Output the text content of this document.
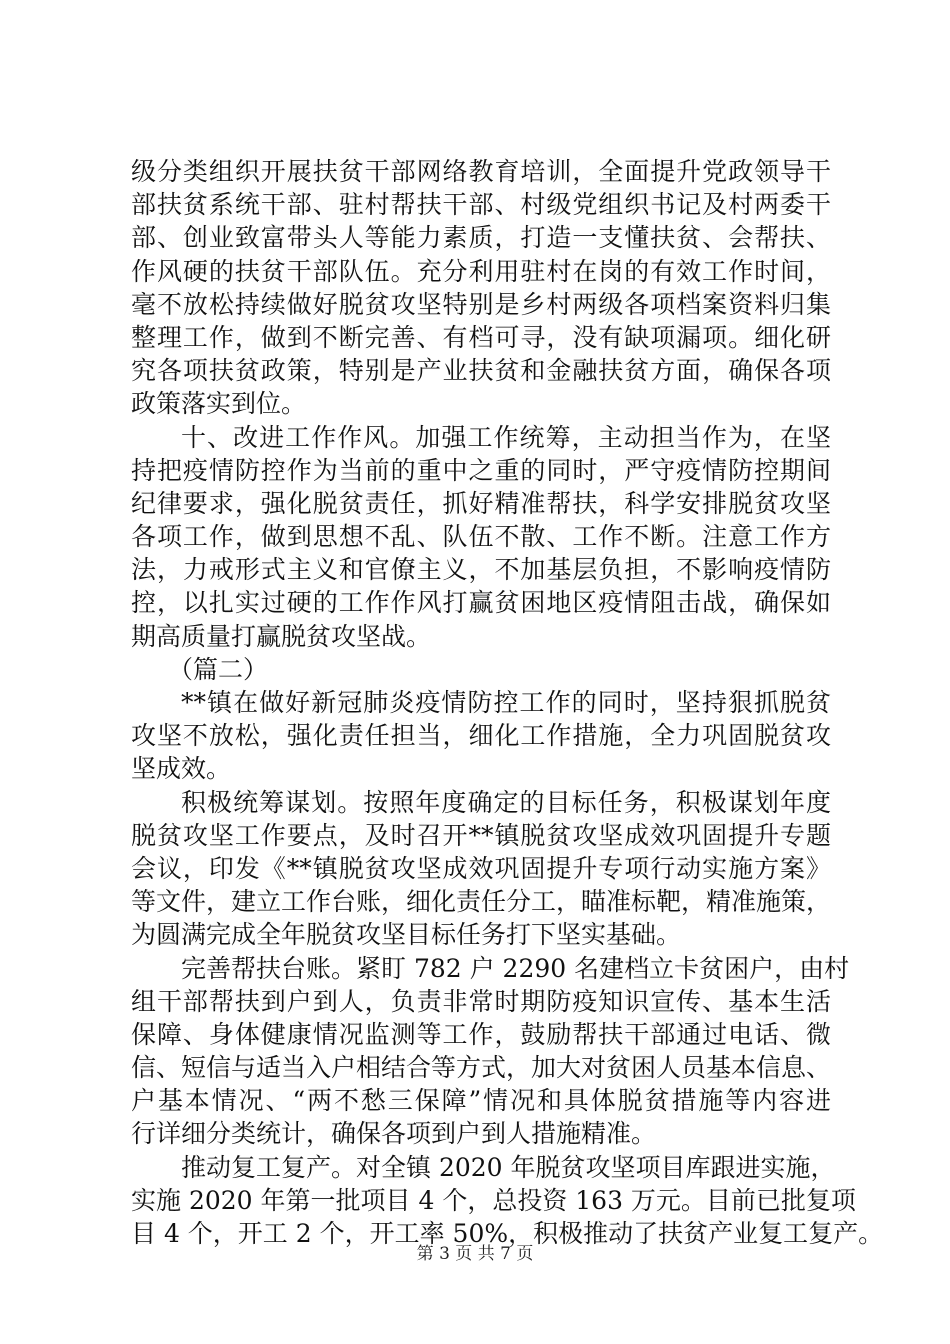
级分类组织开展扶贫干部网络教育培训，全面提升党政领导干
部扶贫系统干部、驻村帮扶干部、村级党组织书记及村两委干
部、创业致富带头人等能力素质，打造一支懂扶贫、会帮扶、
作风硬的扶贫干部队伍。充分利用驻村在岗的有效工作时间，
毫不放松持续做好脱贫攻坚特别是乡村两级各项档案资料归集
整理工作，做到不断完善、有档可寻，没有缺项漏项。细化研
究各项扶贫政策，特别是产业扶贫和金融扶贫方面，确保各项
政策落实到位。
十、改进工作作风。加强工作统筹，主动担当作为，在坚
持把疫情防控作为当前的重中之重的同时，严守疫情防控期间
纪律要求，强化脱贫责任，抓好精准帮扶，科学安排脱贫攻坚
各项工作，做到思想不乱、队伍不散、工作不断。注意工作方
法，力戒形式主义和官僚主义，不加基层负担，不影响疫情防
控，以扎实过硬的工作作风打赢贫困地区疫情阻击战，确保如
期高质量打赢脱贫攻坚战。
（篇二）
**镇在做好新冠肺炎疫情防控工作的同时，坚持狠抓脱贫
攻坚不放松，强化责任担当，细化工作措施，全力巩固脱贫攻
坚成效。
积极统筹谋划。按照年度确定的目标任务，积极谋划年度
脱贫攻坚工作要点，及时召开**镇脱贫攻坚成效巩固提升专题
会议，印发《**镇脱贫攻坚成效巩固提升专项行动实施方案》
等文件，建立工作台账，细化责任分工，瞄准标靶，精准施策，
为圆满完成全年脱贫攻坚目标任务打下坚实基础。
完善帮扶台账。紧盯 782 户 2290 名建档立卡贫困户，由村
组干部帮扶到户到人，负责非常时期防疫知识宣传、基本生活
保障、身体健康情况监测等工作，鼓励帮扶干部通过电话、微
信、短信与适当入户相结合等方式，加大对贫困人员基本信息、
户基本情况、“两不愁三保障”情况和具体脱贫措施等内容进
行详细分类统计，确保各项到户到人措施精准。
推动复工复产。对全镇 2020 年脱贫攻坚项目库跟进实施，
实施 2020 年第一批项目 4 个，总投资 163 万元。目前已批复项
目 4 个，开工 2 个，开工率 50%，积极推动了扶贫产业复工复产。
第 3 页 共 7 页
